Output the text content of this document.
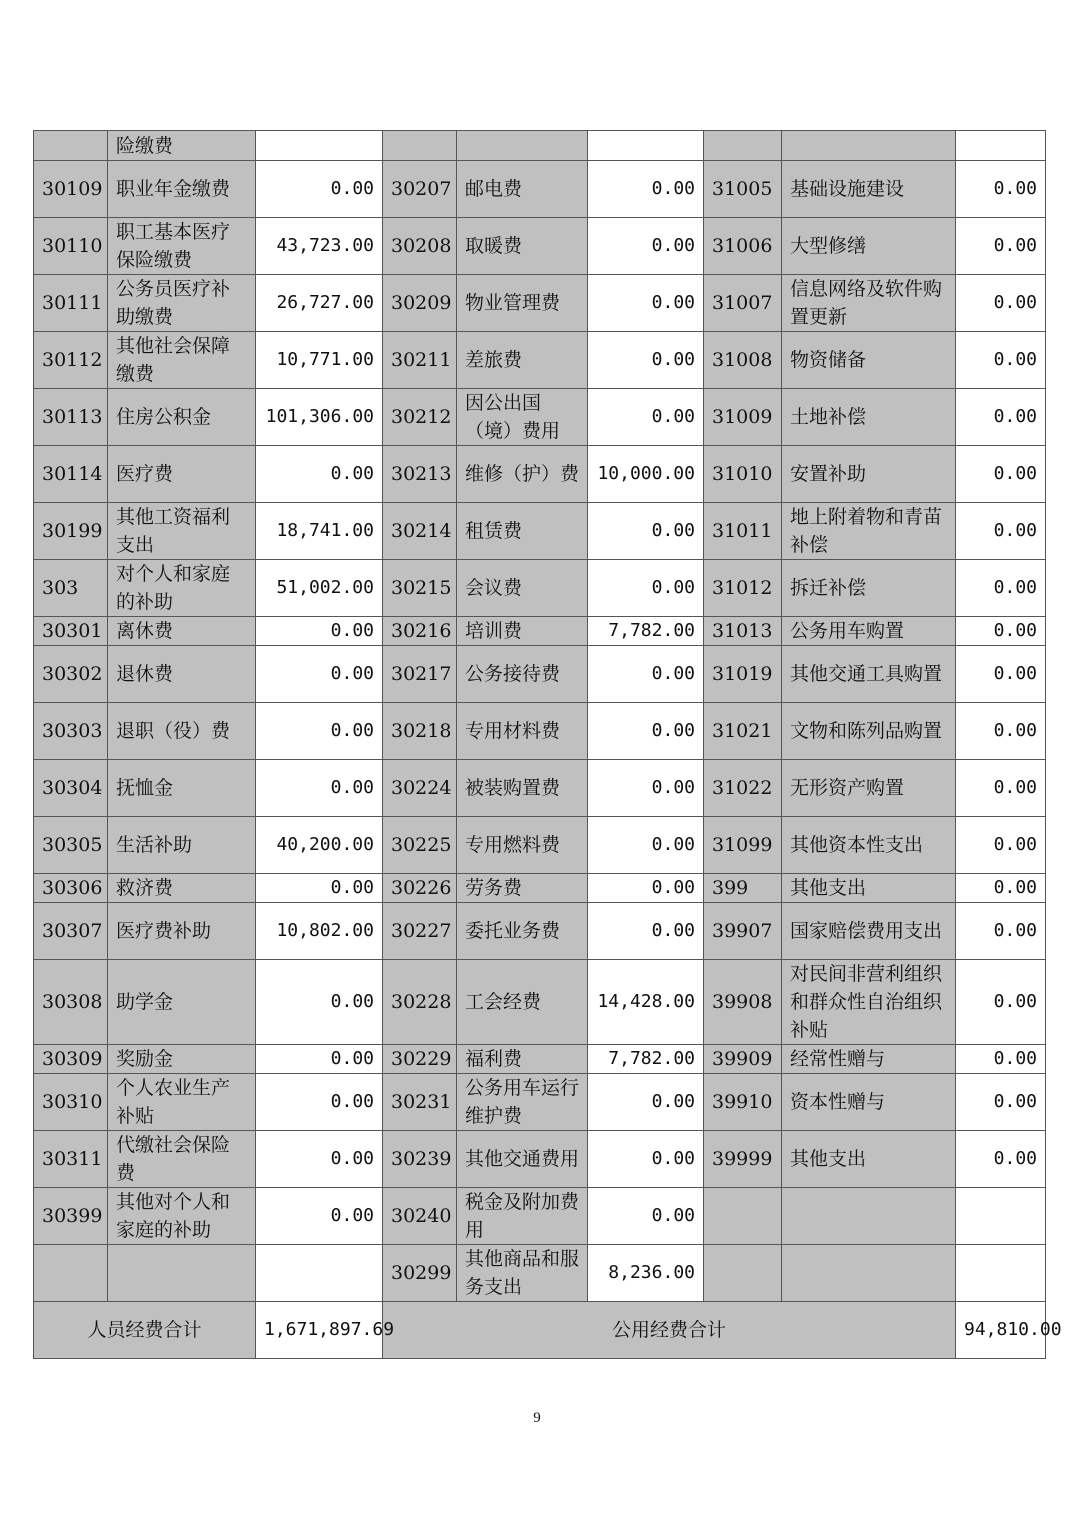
	险缴费							
30109	职业年金缴费	0.00	30207	邮电费	0.00	31005	基础设施建设	0.00
30110	职工基本医疗保险缴费	43,723.00	30208	取暖费	0.00	31006	大型修缮	0.00
30111	公务员医疗补助缴费	26,727.00	30209	物业管理费	0.00	31007	信息网络及软件购置更新	0.00
30112	其他社会保障缴费	10,771.00	30211	差旅费	0.00	31008	物资储备	0.00
30113	住房公积金	101,306.00	30212	因公出国（境）费用	0.00	31009	土地补偿	0.00
30114	医疗费	0.00	30213	维修（护）费	10,000.00	31010	安置补助	0.00
30199	其他工资福利支出	18,741.00	30214	租赁费	0.00	31011	地上附着物和青苗补偿	0.00
303	对个人和家庭的补助	51,002.00	30215	会议费	0.00	31012	拆迁补偿	0.00
30301	离休费	0.00	30216	培训费	7,782.00	31013	公务用车购置	0.00
30302	退休费	0.00	30217	公务接待费	0.00	31019	其他交通工具购置	0.00
30303	退职（役）费	0.00	30218	专用材料费	0.00	31021	文物和陈列品购置	0.00
30304	抚恤金	0.00	30224	被装购置费	0.00	31022	无形资产购置	0.00
30305	生活补助	40,200.00	30225	专用燃料费	0.00	31099	其他资本性支出	0.00
30306	救济费	0.00	30226	劳务费	0.00	399	其他支出	0.00
30307	医疗费补助	10,802.00	30227	委托业务费	0.00	39907	国家赔偿费用支出	0.00
30308	助学金	0.00	30228	工会经费	14,428.00	39908	对民间非营利组织和群众性自治组织补贴	0.00
30309	奖励金	0.00	30229	福利费	7,782.00	39909	经常性赠与	0.00
30310	个人农业生产补贴	0.00	30231	公务用车运行维护费	0.00	39910	资本性赠与	0.00
30311	代缴社会保险费	0.00	30239	其他交通费用	0.00	39999	其他支出	0.00
30399	其他对个人和家庭的补助	0.00	30240	税金及附加费用	0.00			
			30299	其他商品和服务支出	8,236.00			
人员经费合计		1,671,897.69	公用经费合计					94,810.00
9
